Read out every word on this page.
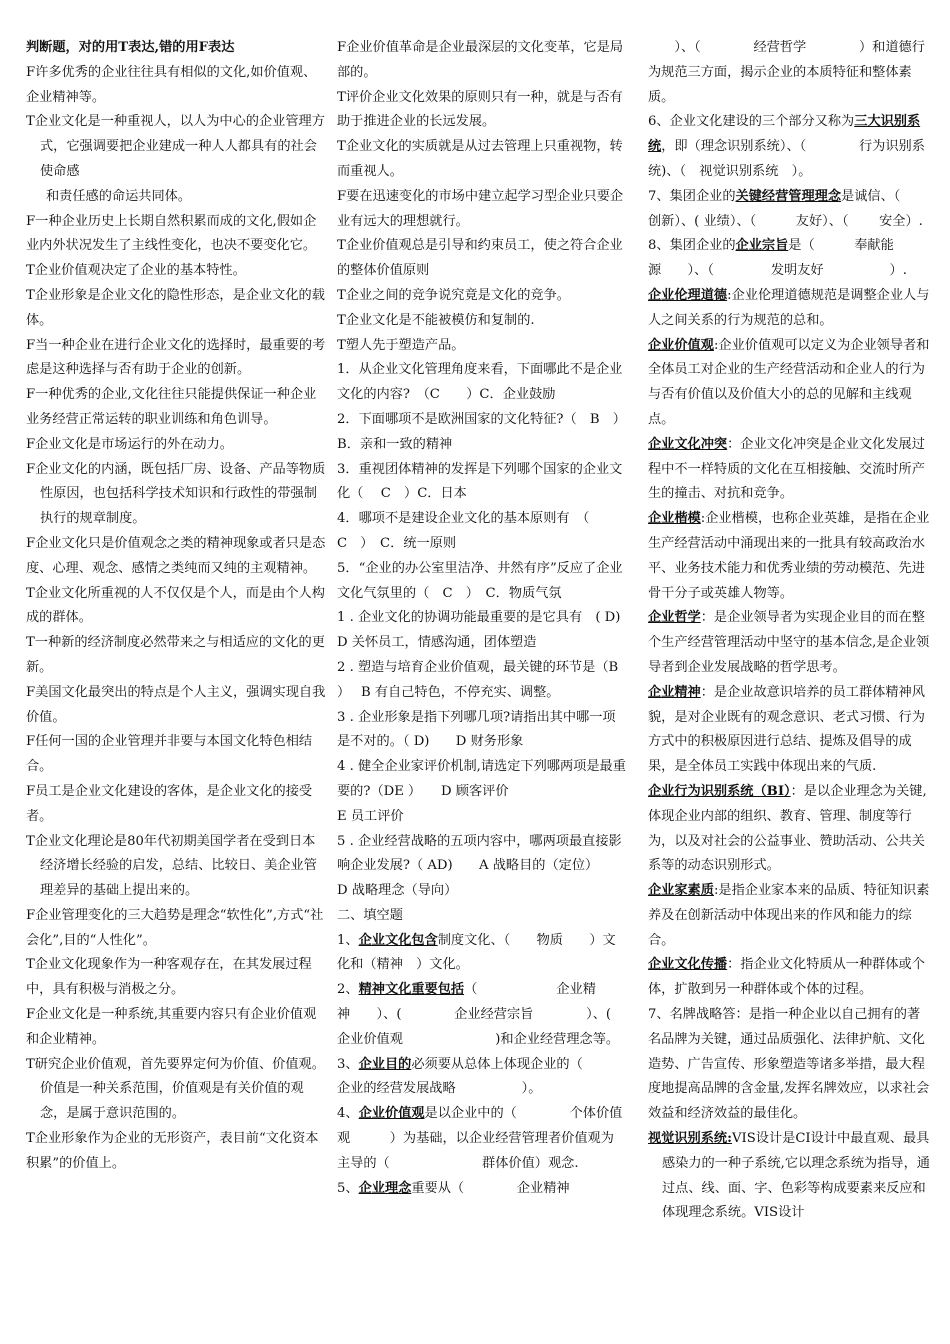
判断题，对的用T表达,错的用F表达

F许多优秀的企业往往具有相似的文化,如价值观、企业精神等。

T企业文化是一种重视人，以人为中心的企业管理方式，它强调要把企业建成一种人人都具有的社会使命感

和责任感的命运共同体。

F一种企业历史上长期自然积累而成的文化,假如企业内外状况发生了主线性变化，也决不要变化它。

T企业价值观决定了企业的基本特性。

T企业形象是企业文化的隐性形态，是企业文化的载体。

F当一种企业在进行企业文化的选择时，最重要的考虑是这种选择与否有助于企业的创新。

F一种优秀的企业,文化往往只能提供保证一种企业业务经营正常运转的职业训练和角色训导。

F企业文化是市场运行的外在动力。

F企业文化的内涵，既包括厂房、设备、产品等物质性原因，也包括科学技术知识和行政性的带强制执行的规章制度。

F企业文化只是价值观念之类的精神现象或者只是态度、心理、观念、感情之类纯而又纯的主观精神。

T企业文化所重视的人不仅仅是个人，而是由个人构成的群体。

T一种新的经济制度必然带来之与相适应的文化的更新。

F美国文化最突出的特点是个人主义，强调实现自我价值。

F任何一国的企业管理并非要与本国文化特色相结合。

F员工是企业文化建设的客体，是企业文化的接受者。

T企业文化理论是80年代初期美国学者在受到日本经济增长经验的启发，总结、比较日、美企业管理差异的基础上提出来的。

F企业管理变化的三大趋势是理念“软性化”,方式“社会化”,目的“人性化”。

T企业文化现象作为一种客观存在，在其发展过程中，具有积极与消极之分。

F企业文化是一种系统,其重要内容只有企业价值观和企业精神。

T研究企业价值观，首先要界定何为价值、价值观。价值是一种关系范围，价值观是有关价值的观念，是属于意识范围的。

T企业形象作为企业的无形资产，表目前“文化资本积累”的价值上。

F企业价值革命是企业最深层的文化变革，它是局部的。

T评价企业文化效果的原则只有一种，就是与否有助于推进企业的长远发展。

T企业文化的实质就是从过去管理上只重视物，转而重视人。

F要在迅速变化的市场中建立起学习型企业只要企业有远大的理想就行。

T企业价值观总是引导和约束员工，使之符合企业的整体价值原则

T企业之间的竞争说究竟是文化的竞争。

T企业文化是不能被模仿和复制的.

T塑人先于塑造产品。

1．从企业文化管理角度来看，下面哪此不是企业文化的内容?　（C　　）C．企业鼓励

2．下面哪项不是欧洲国家的文化特征?（　B　）　B．亲和一致的精神

3．重视团体精神的发挥是下列哪个国家的企业文化（　 C　）C．日本

4．哪项不是建设企业文化的基本原则有　（　C　）　C．统一原则

5．“企业的办公室里洁净、井然有序”反应了企业文化气氛里的（　C　）　C．物质气氛

1 . 企业文化的协调功能最重要的是它具有　( D)　　D 关怀员工，情感沟通，团体塑造

2 . 塑造与培育企业价值观，最关键的环节是（B ）　 B 有自己特色，不停充实、调整。

3 . 企业形象是指下列哪几项?请指出其中哪一项是不对的。（ D)　　D 财务形象

4 . 健全企业家评价机制,请选定下列哪两项是最重要的?（DE ）　　D 顾客评价

E 员工评价

5 . 企业经营战略的五项内容中，哪两项最直接影响企业发展?（ AD)　　A 战略目的（定位）　　D 战略理念（导向）

二、填空题

1、企业文化包含制度文化、（　　物质　　）文化和（精神　）文化。

2、精神文化重要包括（　　　　　　企业精神　　）、(　　　　企业经营宗旨　　　　）、( 企业价值观　　　　　　　)和企业经营理念等。

3、企业目的必须要从总体上体现企业的（　　　　企业的经营发展战略　　　　　）。

4、企业价值观是以企业中的（　　　　个体价值观　　　）为基础，以企业经营管理者价值观为主导的（　　　　　　　群体价值）观念.

5、企业理念重要从（　　　　企业精神

　　）、（　　　　经营哲学　　　　）和道德行为规范三方面，揭示企业的本质特征和整体素质。

6、企业文化建设的三个部分又称为三大识别系统，即（理念识别系统）、（　　　　行为识别系统)、（　视觉识别系统　）。

7、集团企业的关键经营管理理念是诚信、（　　 创新）、( 业绩）、（　　　友好）、（　　 安全）.

8、集团企业的企业宗旨是（　　　奉献能源　　）、（　　　　 发明友好　　　　　）.

企业伦理道德:企业伦理道德规范是调整企业人与人之间关系的行为规范的总和。

企业价值观:企业价值观可以定义为企业领导者和全体员工对企业的生产经营活动和企业人的行为与否有价值以及价值大小的总的见解和主线观点。

企业文化冲突：企业文化冲突是企业文化发展过程中不一样特质的文化在互相接触、交流时所产生的撞击、对抗和竞争。

企业楷模:企业楷模，也称企业英雄，是指在企业生产经营活动中涌现出来的一批具有较高政治水平、业务技术能力和优秀业绩的劳动模范、先进骨干分子或英雄人物等。

企业哲学：是企业领导者为实现企业目的而在整个生产经营管理活动中坚守的基本信念,是企业领导者到企业发展战略的哲学思考。

企业精神：是企业故意识培养的员工群体精神风貌，是对企业既有的观念意识、老式习惯、行为方式中的积极原因进行总结、提炼及倡导的成果，是全体员工实践中体现出来的气质.

企业行为识别系统（BI）：是以企业理念为关键,体现企业内部的组织、教育、管理、制度等行为，以及对社会的公益事业、赞助活动、公共关系等的动态识别形式。

企业家素质:是指企业家本来的品质、特征知识素养及在创新活动中体现出来的作风和能力的综合。

企业文化传播：指企业文化特质从一种群体或个体，扩散到另一种群体或个体的过程。

7、名牌战略答：是指一种企业以自己拥有的著名品牌为关键，通过品质强化、法律护航、文化造势、广告宣传、形象塑造等诸多举措，最大程度地提高品牌的含金量,发挥名牌效应，以求社会效益和经济效益的最佳化。

视觉识别系统:VIS设计是CI设计中最直观、最具感染力的一种子系统,它以理念系统为指导，通过点、线、面、字、色彩等构成要素来反应和体现理念系统。VIS设计
